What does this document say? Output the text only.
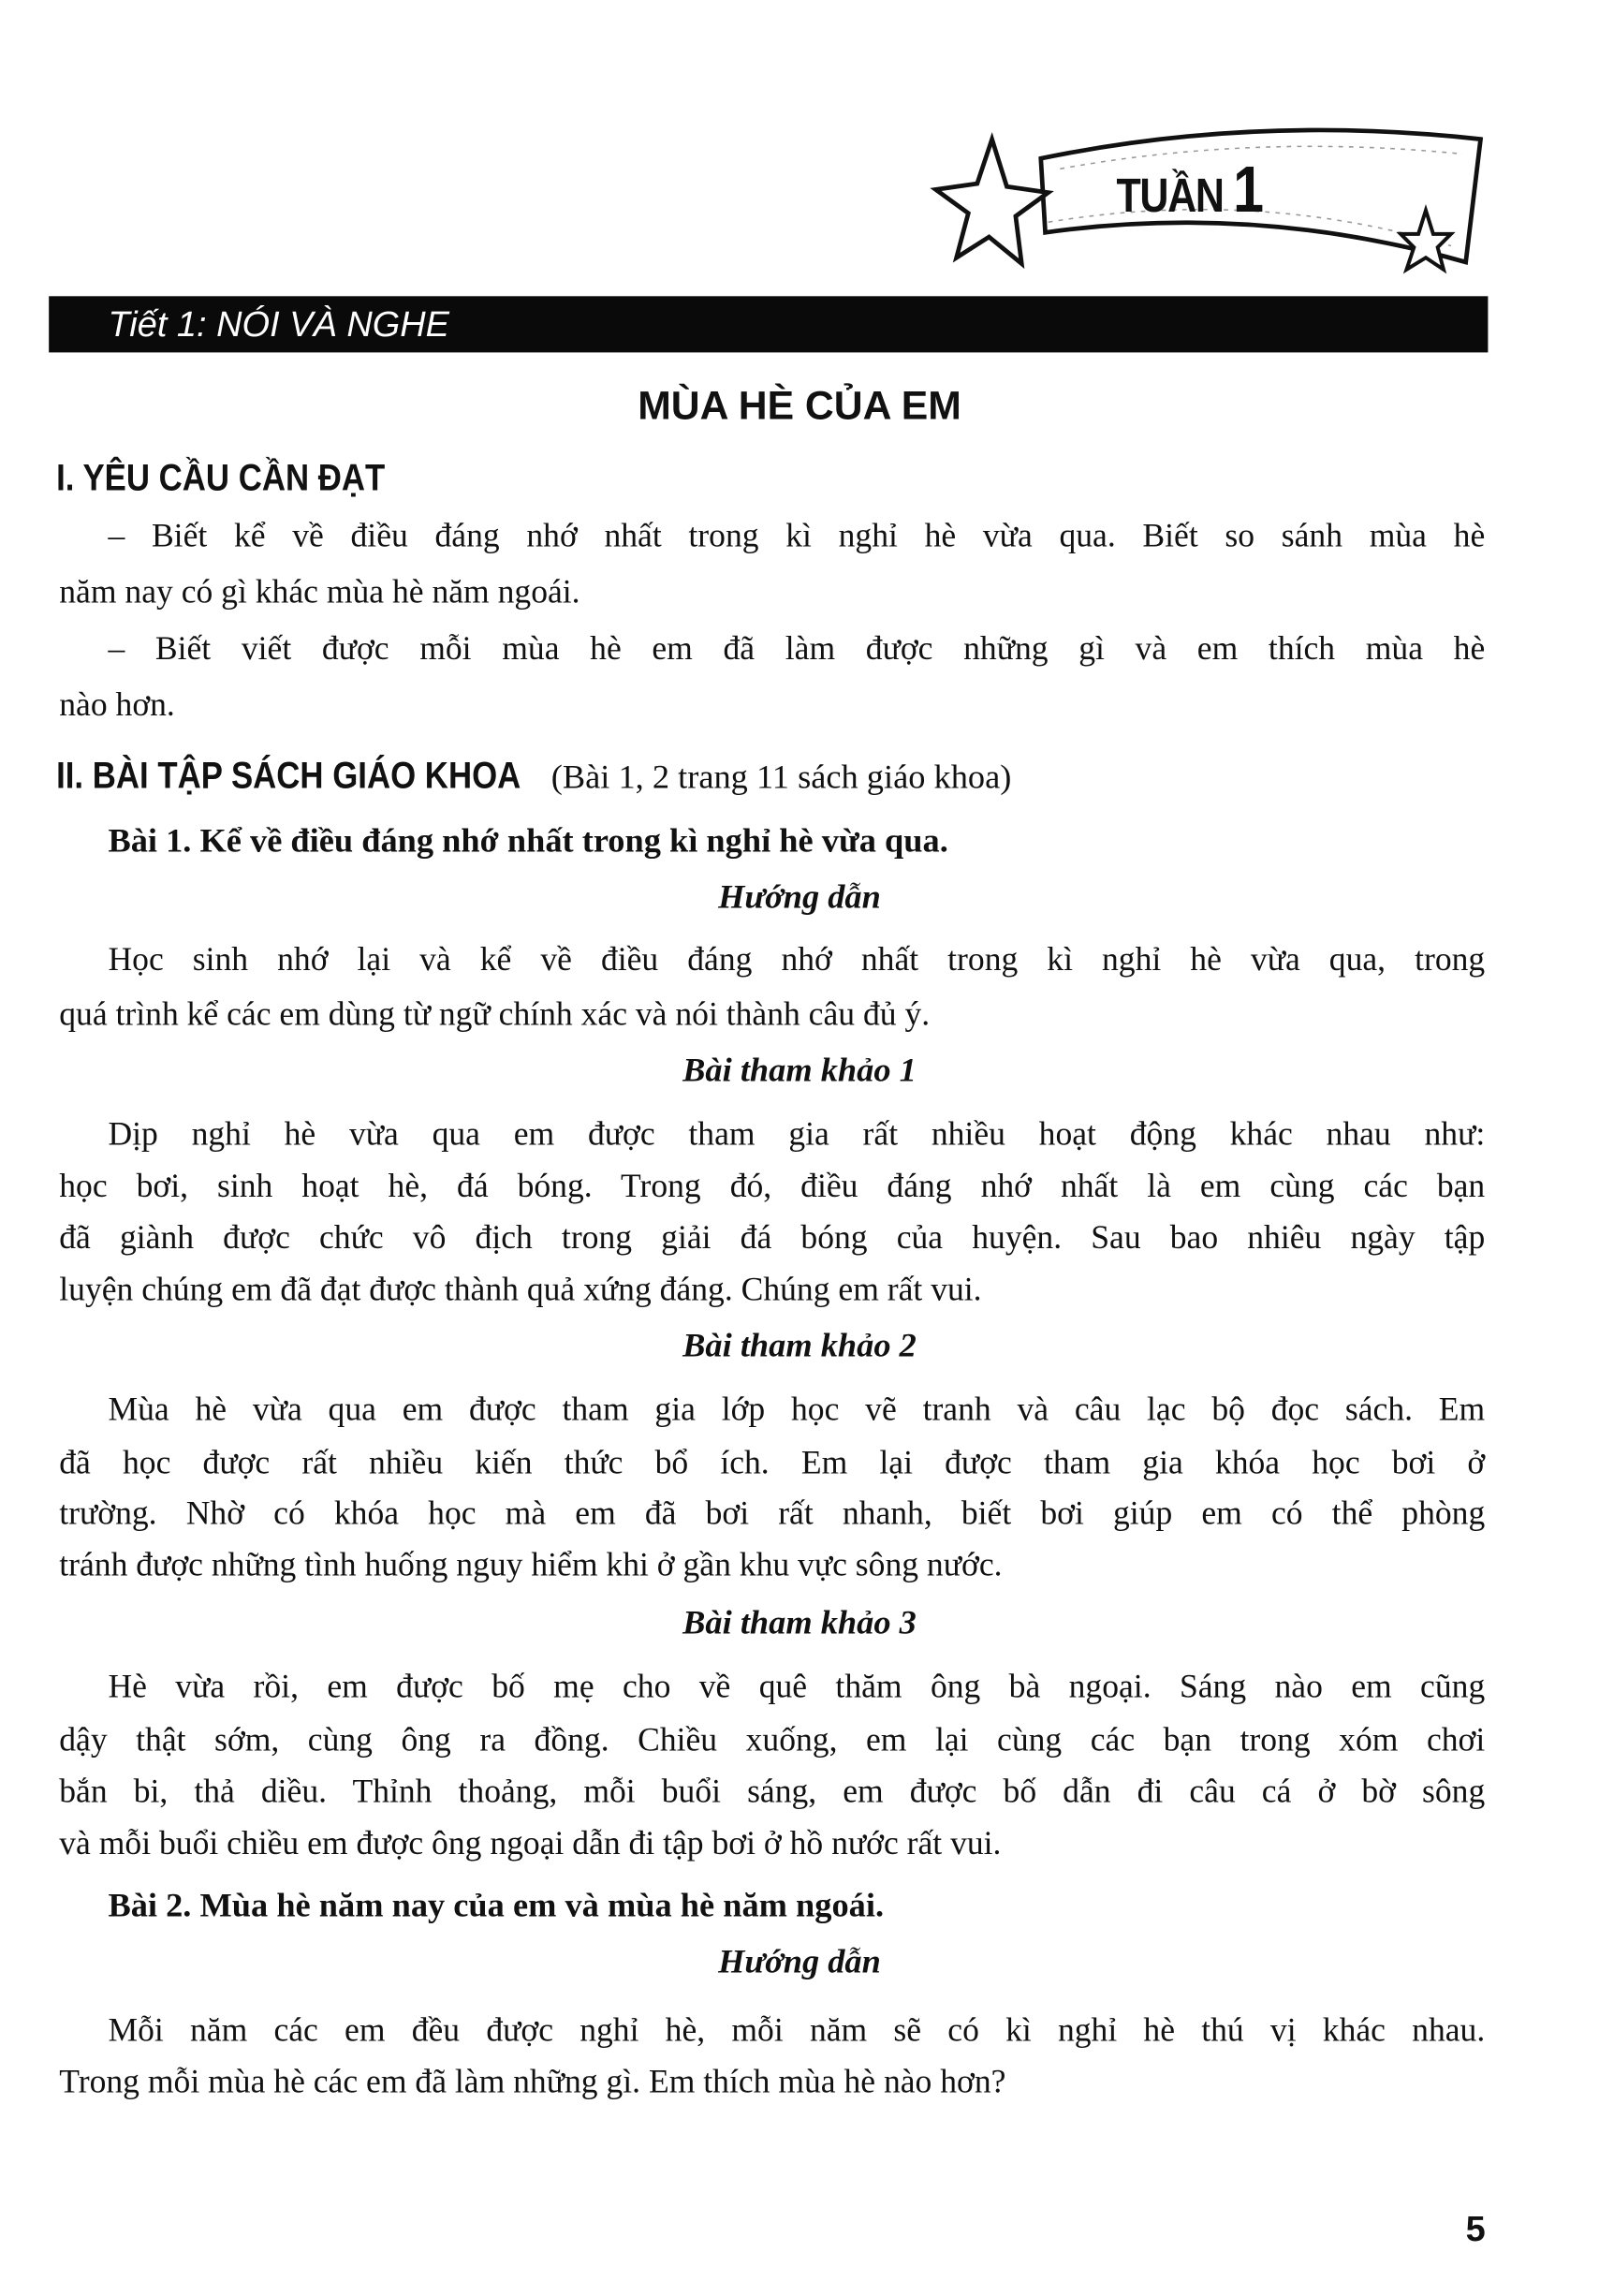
TUẦN 1
Tiết 1: NÓI VÀ NGHE
MÙA HÈ CỦA EM
I. YÊU CẦU CẦN ĐẠT
– Biết kể về điều đáng nhớ nhất trong kì nghỉ hè vừa qua. Biết so sánh mùa hè
năm nay có gì khác mùa hè năm ngoái.
– Biết viết được mỗi mùa hè em đã làm được những gì và em thích mùa hè
nào hơn.
II. BÀI TẬP SÁCH GIÁO KHOA (Bài 1, 2 trang 11 sách giáo khoa)
Bài 1. Kể về điều đáng nhớ nhất trong kì nghỉ hè vừa qua.
Hướng dẫn
Học sinh nhớ lại và kể về điều đáng nhớ nhất trong kì nghỉ hè vừa qua, trong
quá trình kể các em dùng từ ngữ chính xác và nói thành câu đủ ý.
Bài tham khảo 1
Dịp nghỉ hè vừa qua em được tham gia rất nhiều hoạt động khác nhau như:
học bơi, sinh hoạt hè, đá bóng. Trong đó, điều đáng nhớ nhất là em cùng các bạn
đã giành được chức vô địch trong giải đá bóng của huyện. Sau bao nhiêu ngày tập
luyện chúng em đã đạt được thành quả xứng đáng. Chúng em rất vui.
Bài tham khảo 2
Mùa hè vừa qua em được tham gia lớp học vẽ tranh và câu lạc bộ đọc sách. Em
đã học được rất nhiều kiến thức bổ ích. Em lại được tham gia khóa học bơi ở
trường. Nhờ có khóa học mà em đã bơi rất nhanh, biết bơi giúp em có thể phòng
tránh được những tình huống nguy hiểm khi ở gần khu vực sông nước.
Bài tham khảo 3
Hè vừa rồi, em được bố mẹ cho về quê thăm ông bà ngoại. Sáng nào em cũng
dậy thật sớm, cùng ông ra đồng. Chiều xuống, em lại cùng các bạn trong xóm chơi
bắn bi, thả diều. Thỉnh thoảng, mỗi buổi sáng, em được bố dẫn đi câu cá ở bờ sông
và mỗi buổi chiều em được ông ngoại dẫn đi tập bơi ở hồ nước rất vui.
Bài 2. Mùa hè năm nay của em và mùa hè năm ngoái.
Hướng dẫn
Mỗi năm các em đều được nghỉ hè, mỗi năm sẽ có kì nghỉ hè thú vị khác nhau.
Trong mỗi mùa hè các em đã làm những gì. Em thích mùa hè nào hơn?
5
